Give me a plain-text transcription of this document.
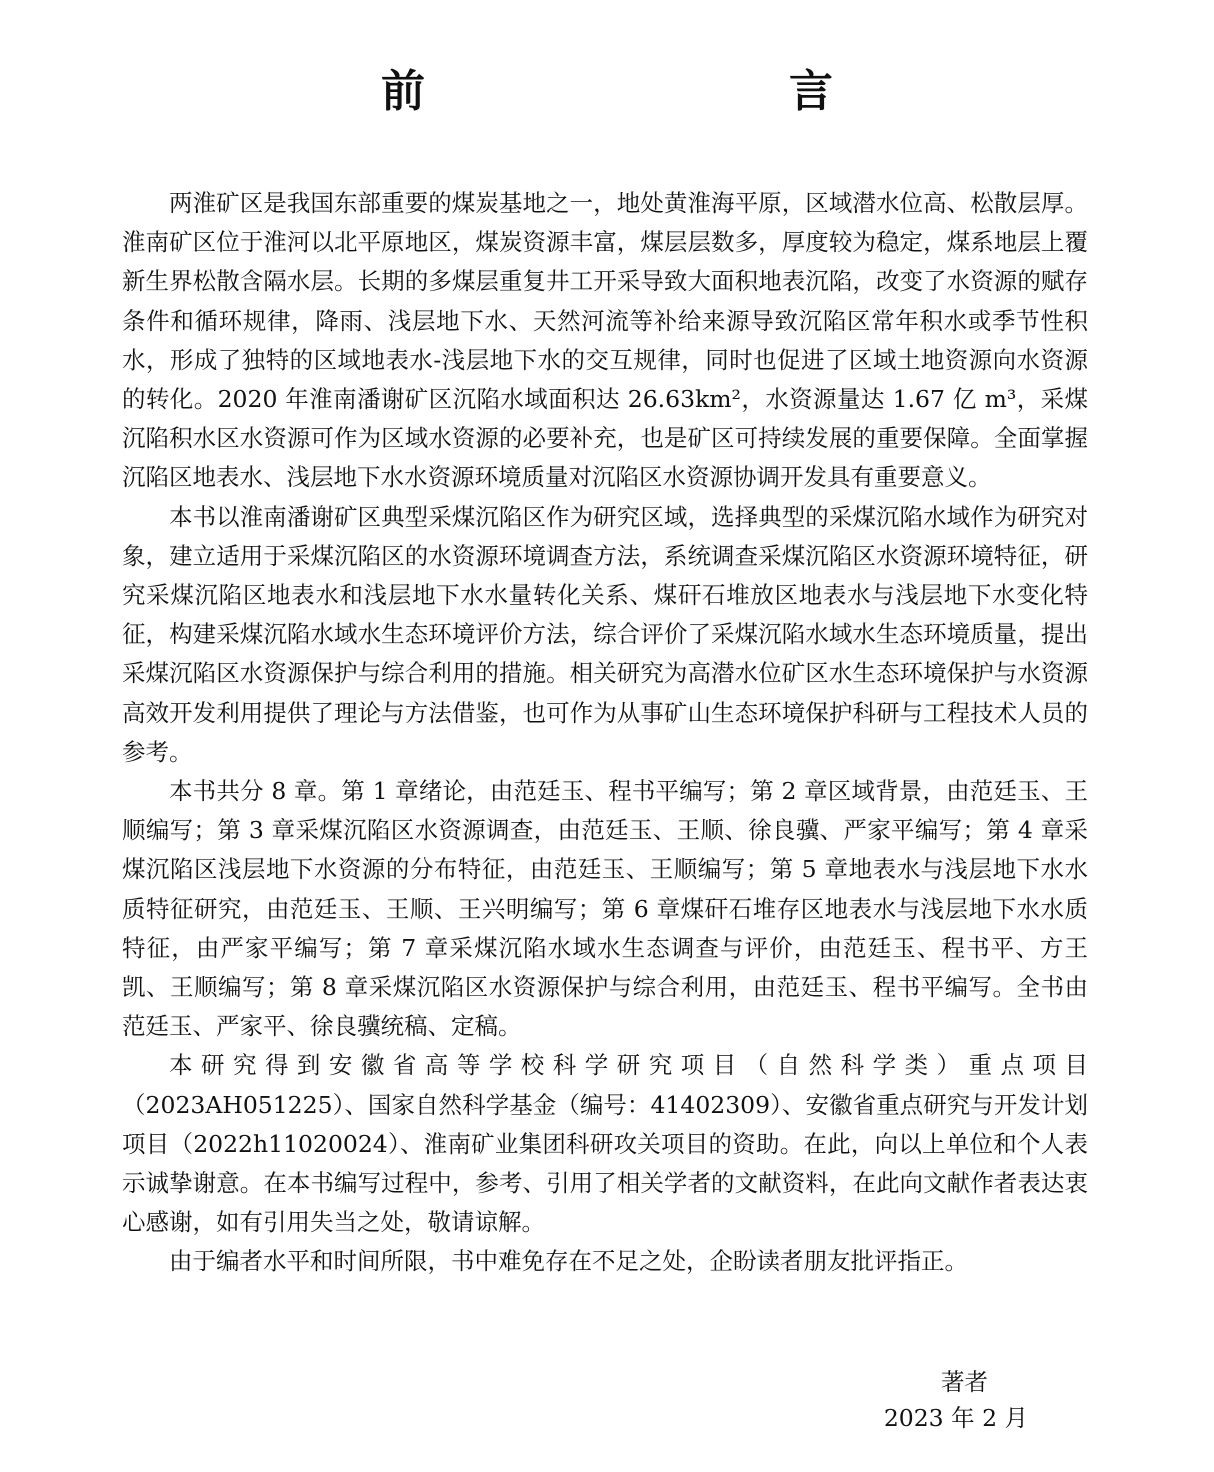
前　　言

两淮矿区是我国东部重要的煤炭基地之一，地处黄淮海平原，区域潜水位高、松散层厚。淮南矿区位于淮河以北平原地区，煤炭资源丰富，煤层层数多，厚度较为稳定，煤系地层上覆新生界松散含隔水层。长期的多煤层重复井工开采导致大面积地表沉陷，改变了水资源的赋存条件和循环规律，降雨、浅层地下水、天然河流等补给来源导致沉陷区常年积水或季节性积水，形成了独特的区域地表水-浅层地下水的交互规律，同时也促进了区域土地资源向水资源的转化。2020 年淮南潘谢矿区沉陷水域面积达 26.63km²，水资源量达 1.67 亿 m³，采煤沉陷积水区水资源可作为区域水资源的必要补充，也是矿区可持续发展的重要保障。全面掌握沉陷区地表水、浅层地下水水资源环境质量对沉陷区水资源协调开发具有重要意义。

本书以淮南潘谢矿区典型采煤沉陷区作为研究区域，选择典型的采煤沉陷水域作为研究对象，建立适用于采煤沉陷区的水资源环境调查方法，系统调查采煤沉陷区水资源环境特征，研究采煤沉陷区地表水和浅层地下水水量转化关系、煤矸石堆放区地表水与浅层地下水变化特征，构建采煤沉陷水域水生态环境评价方法，综合评价了采煤沉陷水域水生态环境质量，提出采煤沉陷区水资源保护与综合利用的措施。相关研究为高潜水位矿区水生态环境保护与水资源高效开发利用提供了理论与方法借鉴，也可作为从事矿山生态环境保护科研与工程技术人员的参考。

本书共分 8 章。第 1 章绪论，由范廷玉、程书平编写；第 2 章区域背景，由范廷玉、王顺编写；第 3 章采煤沉陷区水资源调查，由范廷玉、王顺、徐良骥、严家平编写；第 4 章采煤沉陷区浅层地下水资源的分布特征，由范廷玉、王顺编写；第 5 章地表水与浅层地下水水质特征研究，由范廷玉、王顺、王兴明编写；第 6 章煤矸石堆存区地表水与浅层地下水水质特征，由严家平编写；第 7 章采煤沉陷水域水生态调查与评价，由范廷玉、程书平、方王凯、王顺编写；第 8 章采煤沉陷区水资源保护与综合利用，由范廷玉、程书平编写。全书由范廷玉、严家平、徐良骥统稿、定稿。

本研究得到安徽省高等学校科学研究项目（自然科学类）重点项目（2023AH051225）、国家自然科学基金（编号：41402309）、安徽省重点研究与开发计划项目（2022h11020024）、淮南矿业集团科研攻关项目的资助。在此，向以上单位和个人表示诚挚谢意。在本书编写过程中，参考、引用了相关学者的文献资料，在此向文献作者表达衷心感谢，如有引用失当之处，敬请谅解。

由于编者水平和时间所限，书中难免存在不足之处，企盼读者朋友批评指正。

著者
2023 年 2 月
